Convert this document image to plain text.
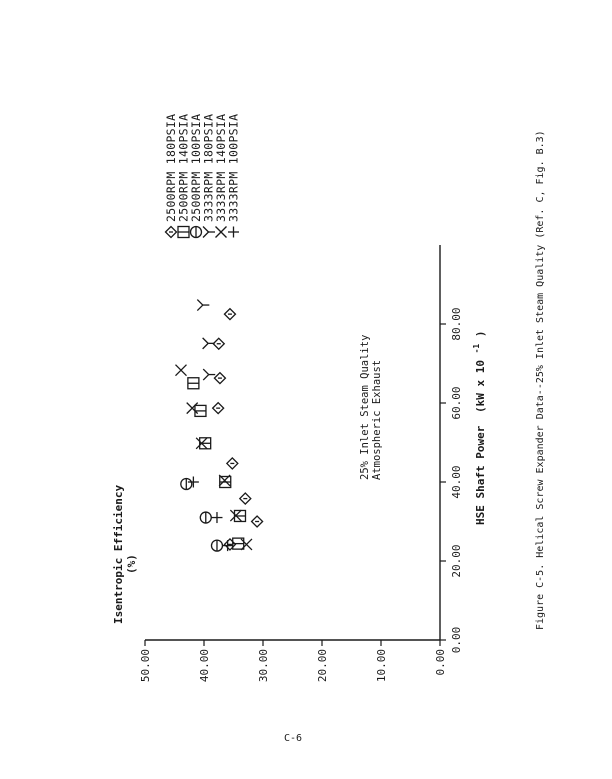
0.00
20.00
40.00
60.00
80.00
0.00
10.00
20.00
30.00
40.00
50.00
Isentropic Efficiency (%)
HSE Shaft Power (kW x 10 $^{-1}$ )
25% Inlet Steam Quality Atmospheric Exhaust
2500RPM 180PSIA
2500RPM 140PSIA
2500RPM 100PSIA
3333RPM 180PSIA
3333RPM 140PSIA
3333RPM 100PSIA	Figure C-5. Helical Screw Expander Data--25% Inlet Steam Quality (Ref. C, Fig. B.3)
C-6
